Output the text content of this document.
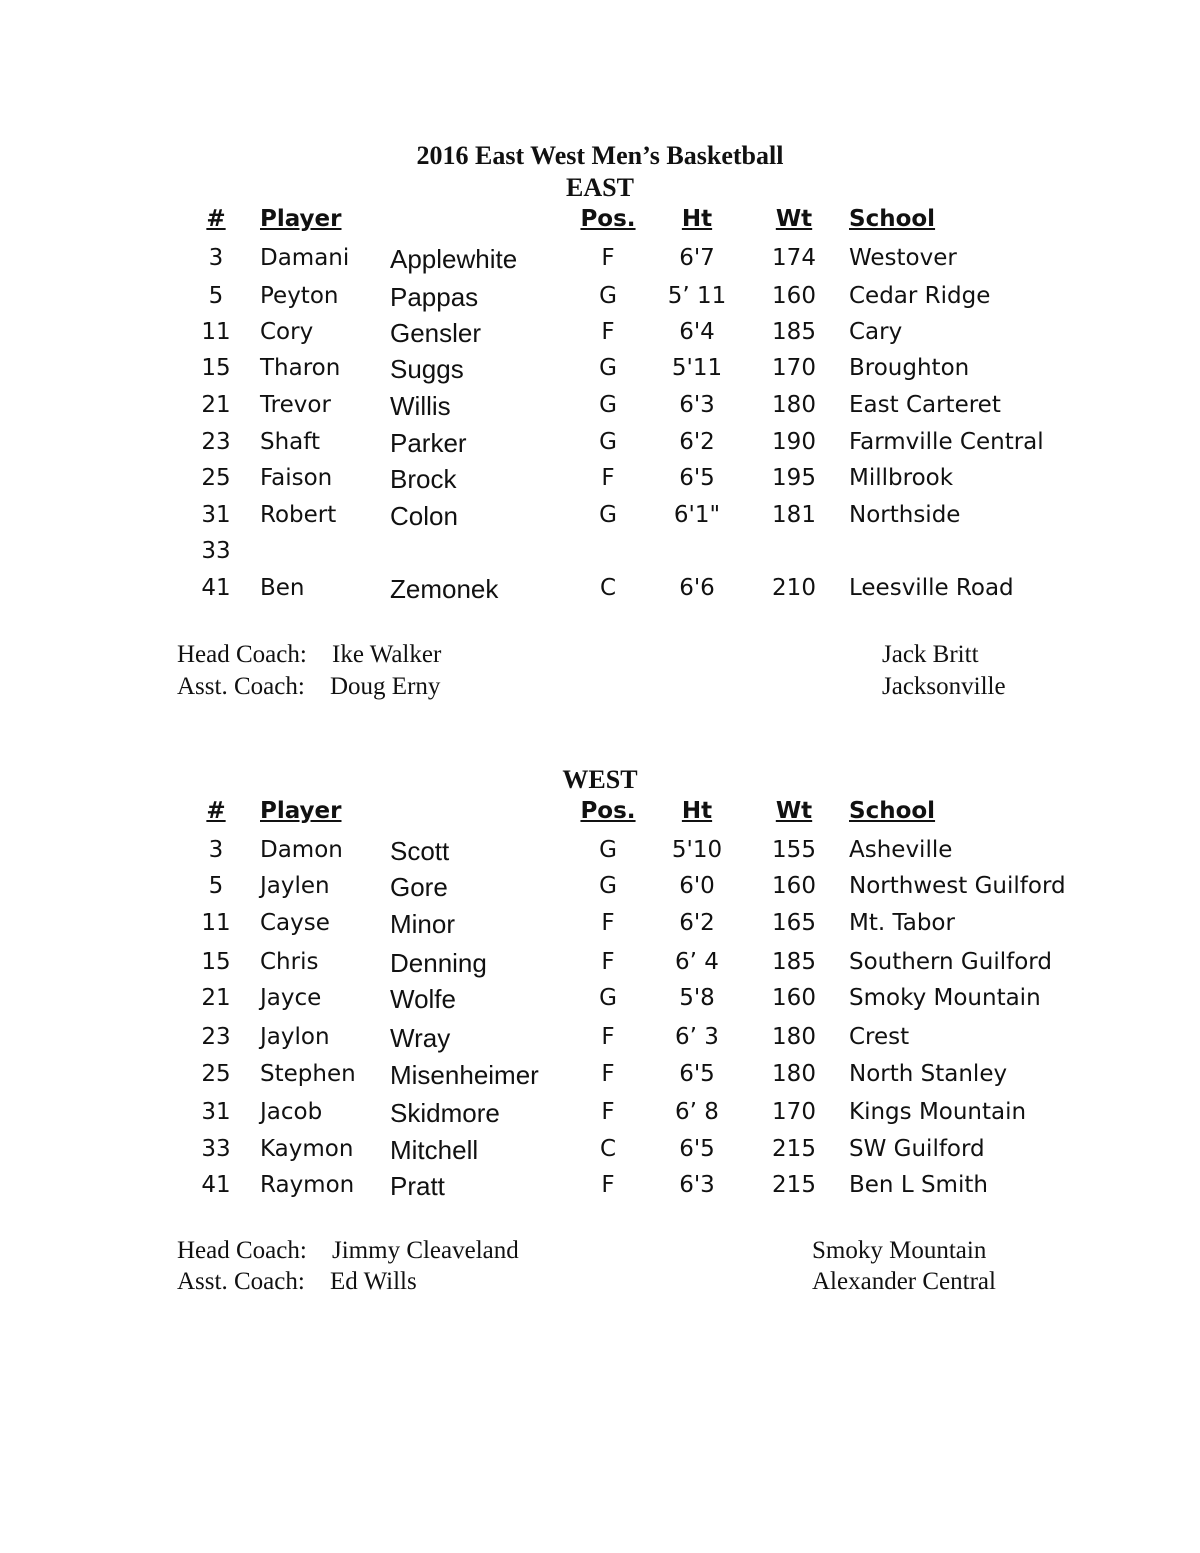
2016 East West Men’s Basketball
EAST
#	Player	Pos.	Ht	Wt	School
3	Damani Applewhite	F	6'7	174	Westover
5	Peyton Pappas	G	5’ 11	160	Cedar Ridge
11	Cory	Gensler	F	6'4	185	Cary
15	Tharon Suggs	G	5'11	170	Broughton
21	Trevor Willis	G	6'3	180	East Carteret
23	Shaft	Parker	G	6'2	190	Farmville Central
25	Faison Brock	F	6'5	195	Millbrook
31	Robert Colon	G	6'1"	181	Northside
33
41	Ben	Zemonek	C	6'6	210	Leesville Road
Head Coach: Ike Walker	Jack Britt
Asst. Coach: Doug Erny	Jacksonville
WEST
#	Player	Pos.	Ht	Wt	School
3	Damon Scott	G	5'10	155	Asheville
5	Jaylen Gore	G	6'0	160	Northwest Guilford
11	Cayse Minor	F	6'2	165	Mt. Tabor
15	Chris	Denning	F	6’ 4	185	Southern Guilford
21	Jayce	Wolfe	G	5'8	160	Smoky Mountain
23	Jaylon Wray	F	6’ 3	180	Crest
25	Stephen Misenheimer	F	6'5	180	North Stanley
31	Jacob	Skidmore	F	6’ 8	170	Kings Mountain
33	Kaymon Mitchell	C	6'5	215	SW Guilford
41	Raymon Pratt	F	6'3	215	Ben L Smith
Head Coach: Jimmy Cleaveland	Smoky Mountain
Asst. Coach: Ed Wills	Alexander Central
